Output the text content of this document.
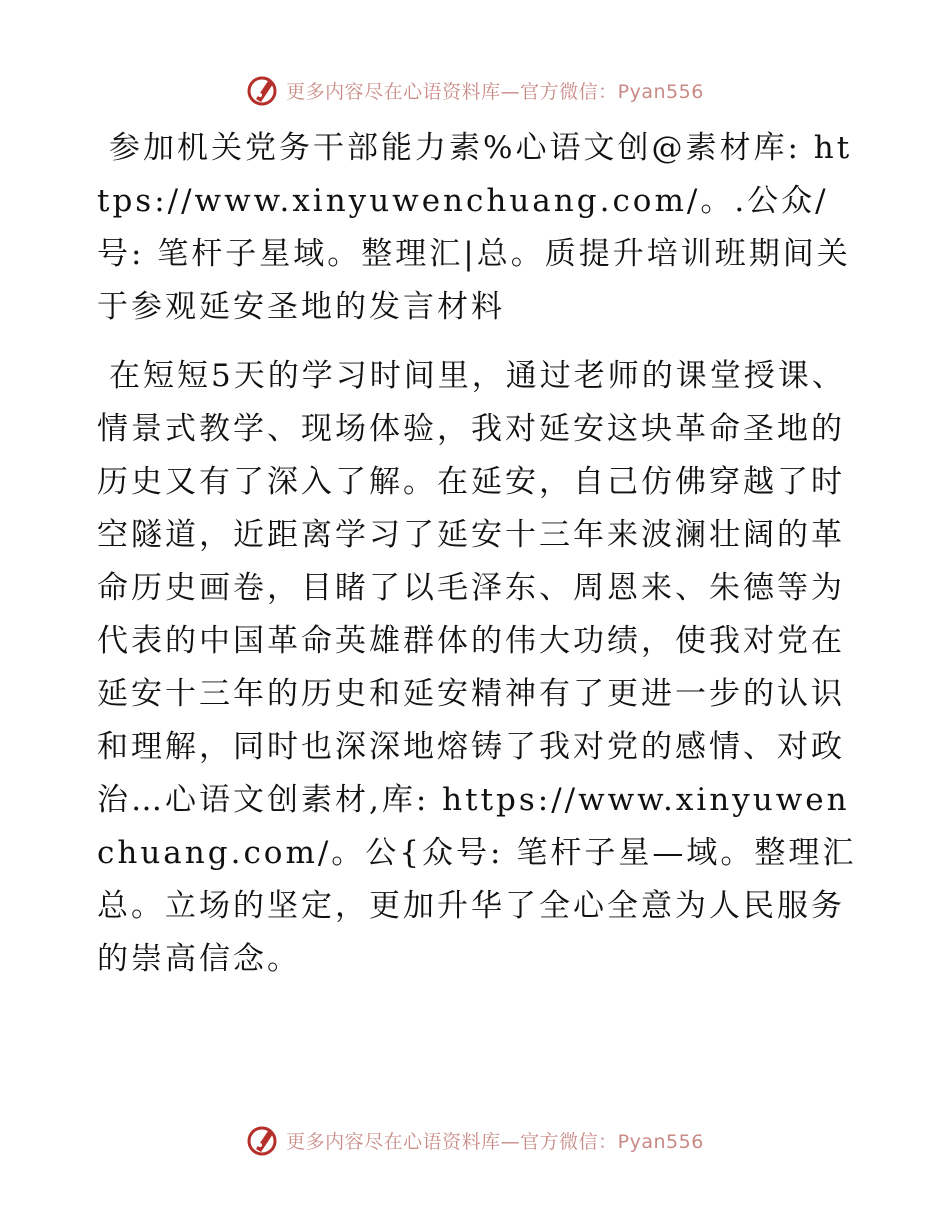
更多内容尽在心语资料库—官方微信：Pyan556

参加机关党务干部能力素%心语文创@素材库: https://www.xinyuwenchuang.com/。.公众/号: 笔杆子星域。整理汇|总。质提升培训班期间关于参观延安圣地的发言材料

在短短5天的学习时间里，通过老师的课堂授课、情景式教学、现场体验，我对延安这块革命圣地的历史又有了深入了解。在延安，自己仿佛穿越了时空隧道，近距离学习了延安十三年来波澜壮阔的革命历史画卷，目睹了以毛泽东、周恩来、朱德等为代表的中国革命英雄群体的伟大功绩，使我对党在延安十三年的历史和延安精神有了更进一步的认识和理解，同时也深深地熔铸了我对党的感情、对政治…心语文创素材,库: https://www.xinyuwenchuang.com/。公{众号: 笔杆子星—域。整理汇总。立场的坚定，更加升华了全心全意为人民服务的崇高信念。

更多内容尽在心语资料库—官方微信：Pyan556
